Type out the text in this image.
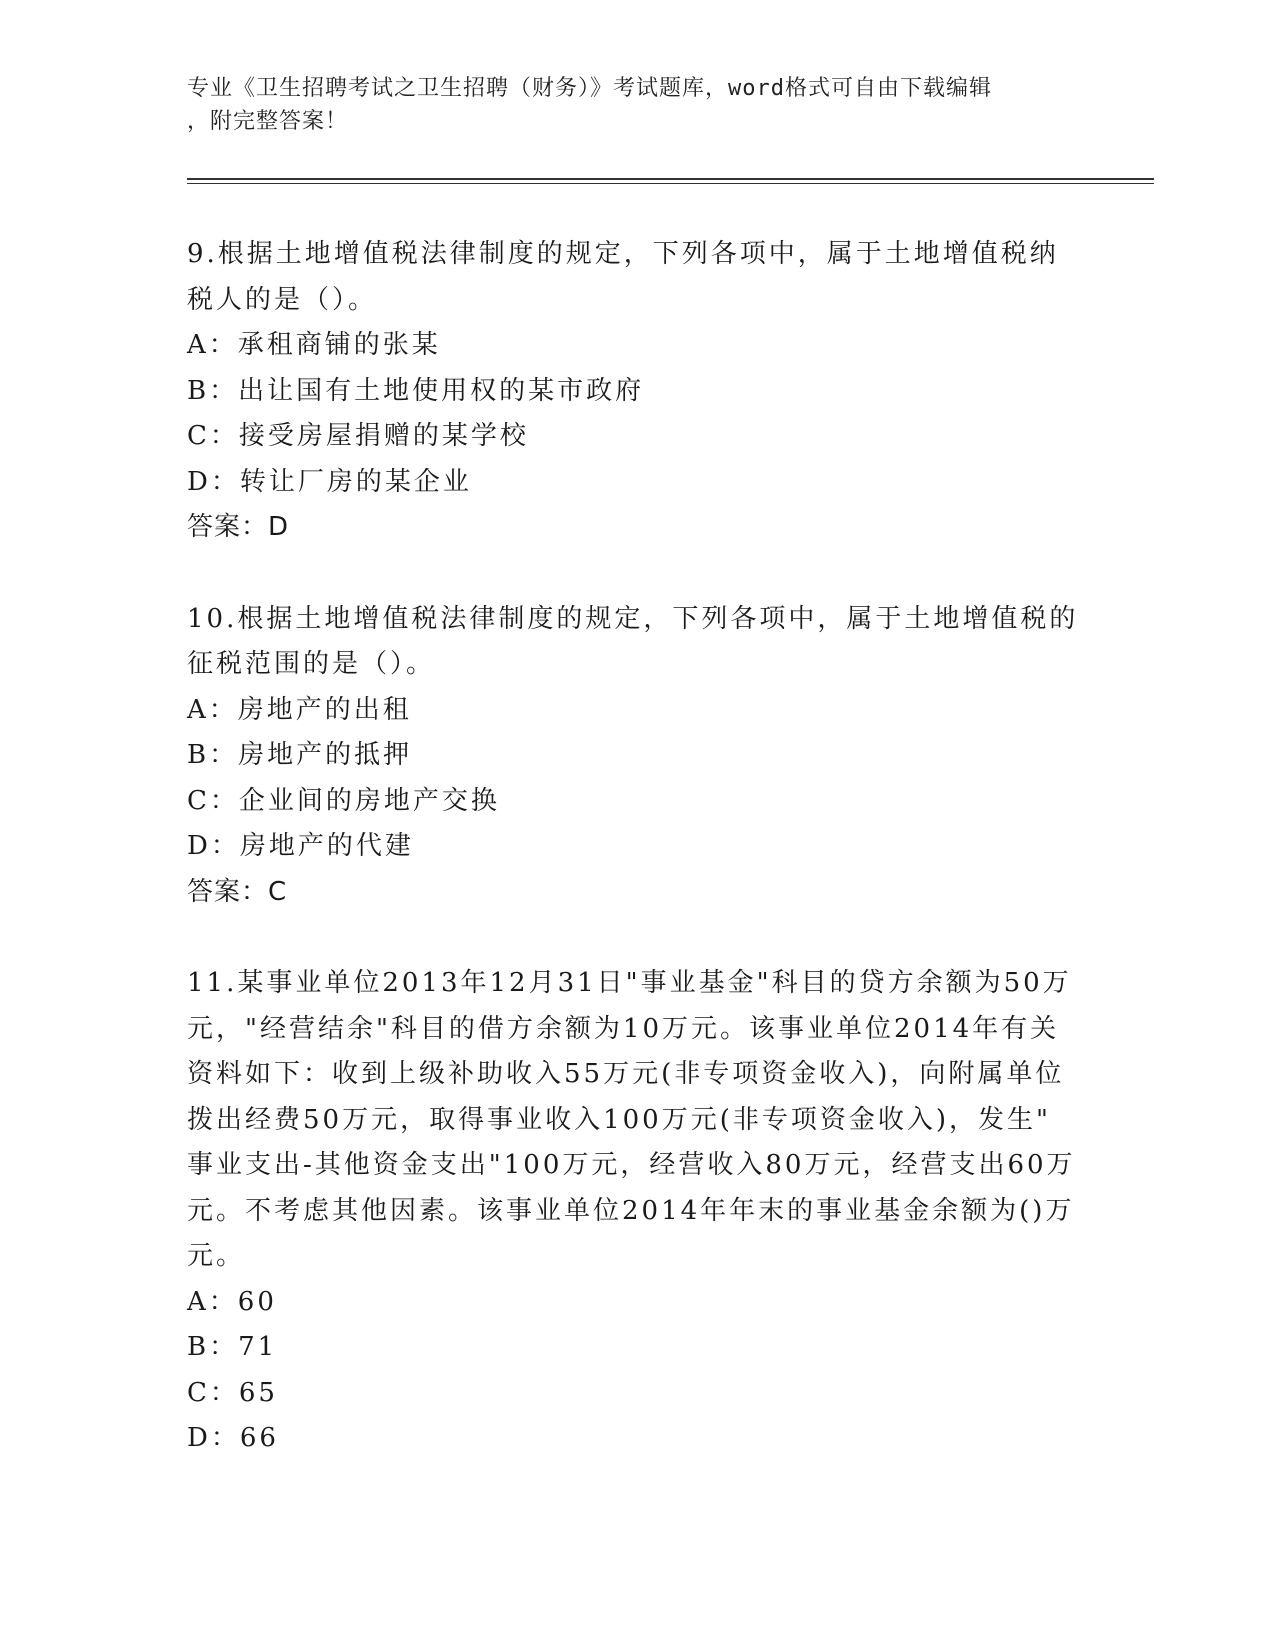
专业《卫生招聘考试之卫生招聘（财务）》考试题库，word格式可自由下载编辑
，附完整答案！
9.根据土地增值税法律制度的规定，下列各项中，属于土地增值税纳
税人的是（）。
A：承租商铺的张某
B：出让国有土地使用权的某市政府
C：接受房屋捐赠的某学校
D：转让厂房的某企业
答案：D
10.根据土地增值税法律制度的规定，下列各项中，属于土地增值税的
征税范围的是（）。
A：房地产的出租
B：房地产的抵押
C：企业间的房地产交换
D：房地产的代建
答案：C
11.某事业单位2013年12月31日"事业基金"科目的贷方余额为50万
元，"经营结余"科目的借方余额为10万元。该事业单位2014年有关
资料如下：收到上级补助收入55万元(非专项资金收入)，向附属单位
拨出经费50万元，取得事业收入100万元(非专项资金收入)，发生"
事业支出-其他资金支出"100万元，经营收入80万元，经营支出60万
元。不考虑其他因素。该事业单位2014年年末的事业基金余额为()万
元。
A：60
B：71
C：65
D：66
